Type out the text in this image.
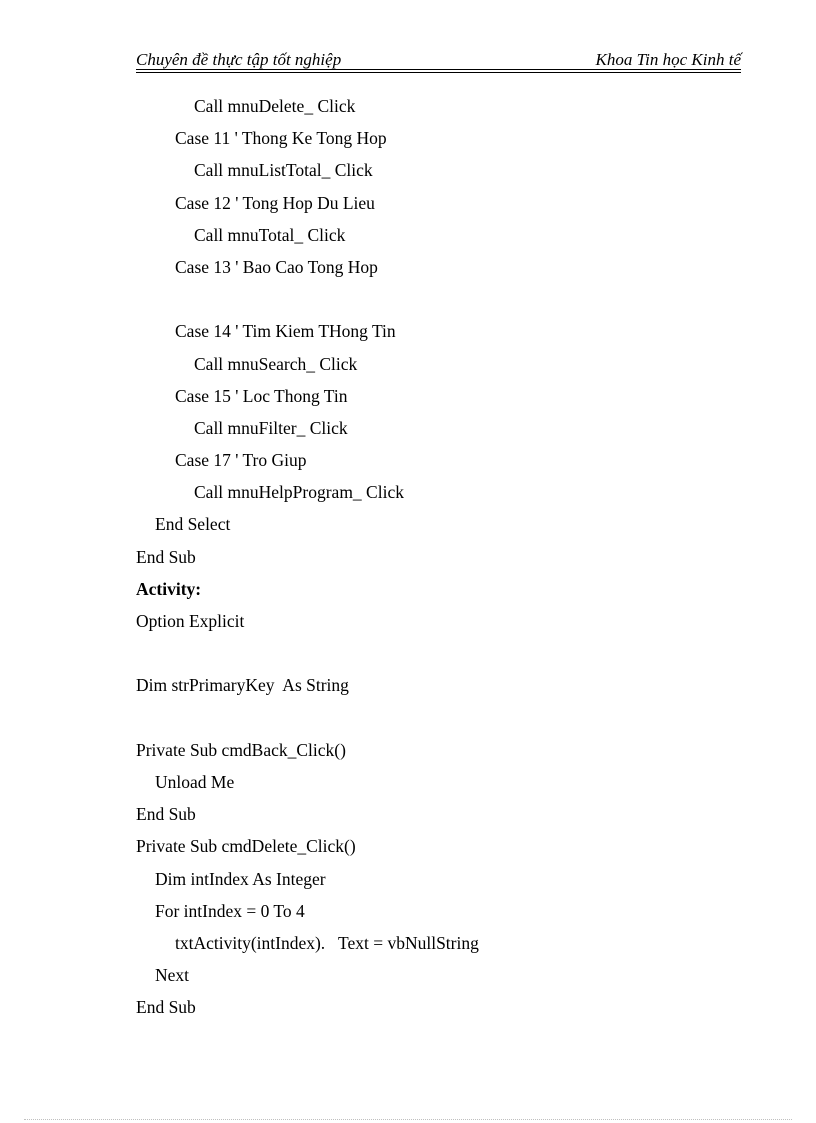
Chuyên đề thực tập tốt nghiệp	Khoa Tin học Kinh tế
Call mnuDelete_ Click
Case 11 ' Thong Ke Tong Hop
Call mnuListTotal_ Click
Case 12 ' Tong Hop Du Lieu
Call mnuTotal_ Click
Case 13 ' Bao Cao Tong Hop
Case 14 ' Tim Kiem THong Tin
Call mnuSearch_ Click
Case 15 ' Loc Thong Tin
Call mnuFilter_ Click
Case 17 ' Tro Giup
Call mnuHelpProgram_ Click
End Select
End Sub
Activity:
Option Explicit
Dim strPrimaryKey  As String
Private Sub cmdBack_Click()
Unload Me
End Sub
Private Sub cmdDelete_Click()
Dim intIndex As Integer
For intIndex = 0 To 4
txtActivity(intIndex).   Text = vbNullString
Next
End Sub
